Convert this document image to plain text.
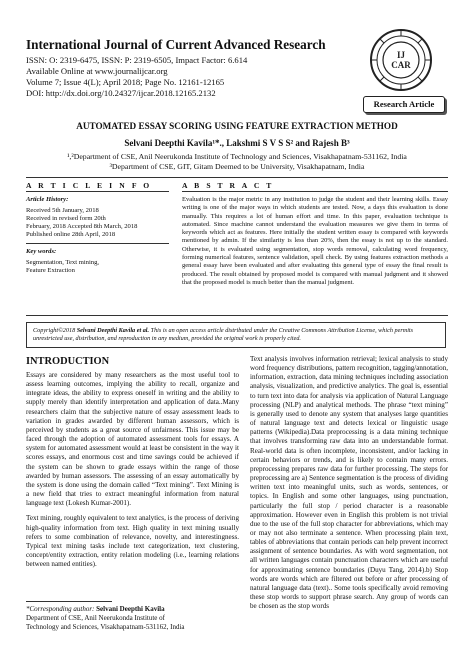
International Journal of Current Advanced Research
ISSN: O: 2319-6475, ISSN: P: 2319-6505, Impact Factor: 6.614
Available Online at www.journalijcar.org
Volume 7; Issue 4(L); April 2018; Page No. 12161-12165
DOI: http://dx.doi.org/10.24327/ijcar.2018.12165.2132
IJ
CAR
Research Article
AUTOMATED ESSAY SCORING USING FEATURE EXTRACTION METHOD
Selvani Deepthi Kavila¹*., Lakshmi S V S S² and Rajesh B³
¹,²Department of CSE, Anil Neerukonda Institute of Technology and Sciences, Visakhapatnam-531162, India
³Department of CSE, GIT, Gitam Deemed to be University, Visakhapatnam, India
A R T I C L E I N F O	A B S T R A C T
Article History:
Received 5th January, 2018
Received in revised form 20th
February, 2018 Accepted 8th March, 2018
Published online 28th April, 2018
Key words:
Segmentation, Text mining,
Feature Extraction
Evaluation is the major metric in any institution to judge the student and their learning skills. Essay writing is one of the major ways in which students are tested. Now, a days this evaluation is done manually. This requires a lot of human effort and time. In this paper, evaluation technique is automated. Since machine cannot understand the evaluation measures we give them in terms of keywords which act as features. Here initially the student written essay is compared with keywords mentioned by admin. If the similarity is less than 20%, then the essay is not up to the standard. Otherwise, it is evaluated using segmentation, stop words removal, calculating word frequency, forming numerical features, sentence validation, spell check. By using features extraction methods a general essay have been evaluated and after evaluating this general type of essay the final result is produced. The result obtained by proposed model is compared with manual judgment and it showed that the proposed model is much better than the manual judgment.
Copyright©2018 Selvani Deepthi Kavila et al. This is an open access article distributed under the Creative Commons Attribution License, which permits unrestricted use, distribution, and reproduction in any medium, provided the original work is properly cited.
INTRODUCTION

Essays are considered by many researchers as the most useful tool to assess learning outcomes, implying the ability to recall, organize and integrate ideas, the ability to express oneself in writing and the ability to supply merely than identify interpretation and application of data..Many researchers claim that the subjective nature of essay assessment leads to variation in grades awarded by different human assessors, which is perceived by students as a great source of unfairness. This issue may be faced through the adoption of automated assessment tools for essays. A system for automated assessment would at least be consistent in the way it scores essays, and enormous cost and time savings could be achieved if the system can be shown to grade essays within the range of those awarded by human assessors. The assessing of an essay automatically by the system is done using the domain called “Text mining”. Text Mining is a new field that tries to extract meaningful information from natural language text (Lokesh Kumar-2001).

Text mining, roughly equivalent to text analytics, is the process of deriving high-quality information from text. High quality in text mining usually refers to some combination of relevance, novelty, and interestingness. Typical text mining tasks include text categorization, text clustering, concept/entity extraction, entity relation modeling (i.e., learning relations between named entities).

*Corresponding author: Selvani Deepthi Kavila
Department of CSE, Anil Neerukonda Institute of
Technology and Sciences, Visakhapatnam-531162, India

Text analysis involves information retrieval; lexical analysis to study word frequency distributions, pattern recognition, tagging/annotation, information, extraction, data mining techniques including association analysis, visualization, and predictive analytics. The goal is, essential to turn text into data for analysis via application of Natural Language processing (NLP) and analytical methods. The phrase “text mining” is generally used to denote any system that analyses large quantities of natural language text and detects lexical or linguistic usage patterns (Wikipedia).Data preprocessing is a data mining technique that involves transforming raw data into an understandable format. Real-world data is often incomplete, inconsistent, and/or lacking in certain behaviors or trends, and is likely to contain many errors. preprocessing prepares raw data for further processing. The steps for preprocessing are a) Sentence segmentation is the process of dividing written text into meaningful units, such as words, sentences, or topics. In English and some other languages, using punctuation, particularly the full stop / period character is a reasonable approximation. However even in English this problem is not trivial due to the use of the full stop character for abbreviations, which may or may not also terminate a sentence. When processing plain text, tables of abbreviations that contain periods can help prevent incorrect assignment of sentence boundaries. As with word segmentation, not all written languages contain punctuation characters which are useful for approximating sentence boundaries (Duyu Tang, 2014).b) Stop words are words which are filtered out before or after processing of natural language data (text).. Some tools specifically avoid removing these stop words to support phrase search. Any group of words can be chosen as the stop words
